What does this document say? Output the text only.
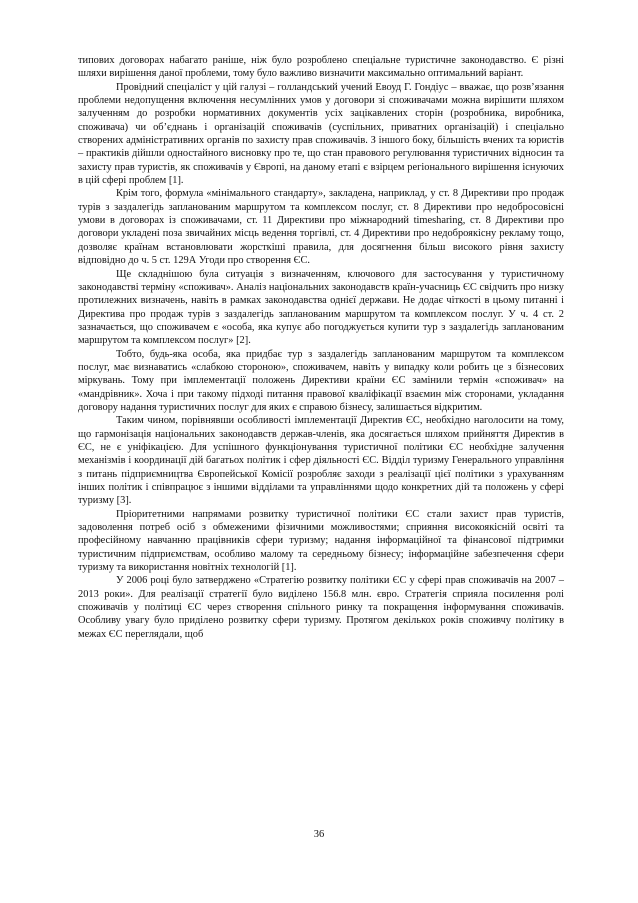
типових договорах набагато раніше, ніж було розроблено спеціальне туристичне законодавство. Є різні шляхи вирішення даної проблеми, тому було важливо визначити максимально оптимальний варіант.

Провідний спеціаліст у цій галузі – голландський учений Евоуд Г. Гондіус – вважає, що розв’язання проблеми недопущення включення несумлінних умов у договори зі споживачами можна вирішити шляхом залученням до розробки нормативних документів усіх зацікавлених сторін (розробника, виробника, споживача) чи об’єднань і організацій споживачів (суспільних, приватних організацій) і спеціально створених адміністративних органів по захисту прав споживачів. З іншого боку, більшість вчених та юристів – практиків дійшли одностайного висновку про те, що стан правового регулювання туристичних відносин та захисту прав туристів, як споживачів у Європі, на даному етапі є взірцем регіонального вирішення існуючих в цій сфері проблем [1].

Крім того, формула «мінімального стандарту», закладена, наприклад, у ст. 8 Директиви про продаж турів з заздалегідь запланованим маршрутом та комплексом послуг, ст. 8 Директиви про недобросовісні умови в договорах із споживачами, ст. 11 Директиви про міжнародний timesharing, ст. 8 Директиви про договори укладені поза звичайних місць ведення торгівлі, ст. 4 Директиви про недоброякісну рекламу тощо, дозволяє країнам встановлювати жорсткіші правила, для досягнення більш високого рівня захисту відповідно до ч. 5 ст. 129А Угоди про створення ЄС.

Ще складнішою була ситуація з визначенням, ключового для застосування у туристичному законодавстві терміну «споживач». Аналіз національних законодавств країн-учасниць ЄС свідчить про низку протилежних визначень, навіть в рамках законодавства однієї держави. Не додає чіткості в цьому питанні і Директива про продаж турів з заздалегідь запланованим маршрутом та комплексом послуг. У ч. 4 ст. 2 зазначається, що споживачем є «особа, яка купує або погоджується купити тур з заздалегідь запланованим маршрутом та комплексом послуг» [2].

Тобто, будь-яка особа, яка придбає тур з заздалегідь запланованим маршрутом та комплексом послуг, має визнаватись «слабкою стороною», споживачем, навіть у випадку коли робить це з бізнесових міркувань. Тому при імплементації положень Директиви країни ЄС замінили термін «споживач» на «мандрівник». Хоча і при такому підході питання правової кваліфікації взаємин між сторонами, укладання договору надання туристичних послуг для яких є справою бізнесу, залишається відкритим.

Таким чином, порівнявши особливості імплементації Директив ЄС, необхідно наголосити на тому, що гармонізація національних законодавств держав-членів, яка досягається шляхом прийняття Директив в ЄС, не є уніфікацією. Для успішного функціонування туристичної політики ЄС необхідне залучення механізмів і координації дій багатьох політик і сфер діяльності ЄС. Відділ туризму Генерального управління з питань підприємництва Європейської Комісії розробляє заходи з реалізації цієї політики з урахуванням інших політик і співпрацює з іншими відділами та управліннями щодо конкретних дій та положень у сфері туризму [3].

Пріоритетними напрямами розвитку туристичної політики ЄС стали захист прав туристів, задоволення потреб осіб з обмеженими фізичними можливостями; сприяння високоякісній освіті та професійному навчанню працівників сфери туризму; надання інформаційної та фінансової підтримки туристичним підприємствам, особливо малому та середньому бізнесу; інформаційне забезпечення сфери туризму та використання новітніх технологій [1].

У 2006 році було затверджено «Стратегію розвитку політики ЄС у сфері прав споживачів на 2007 – 2013 роки». Для реалізації стратегії було виділено 156.8 млн. євро. Стратегія сприяла посилення ролі споживачів у політиці ЄС через створення спільного ринку та покращення інформування споживачів. Особливу увагу було приділено розвитку сфери туризму. Протягом декількох років споживчу політику в межах ЄС переглядали, щоб

36
